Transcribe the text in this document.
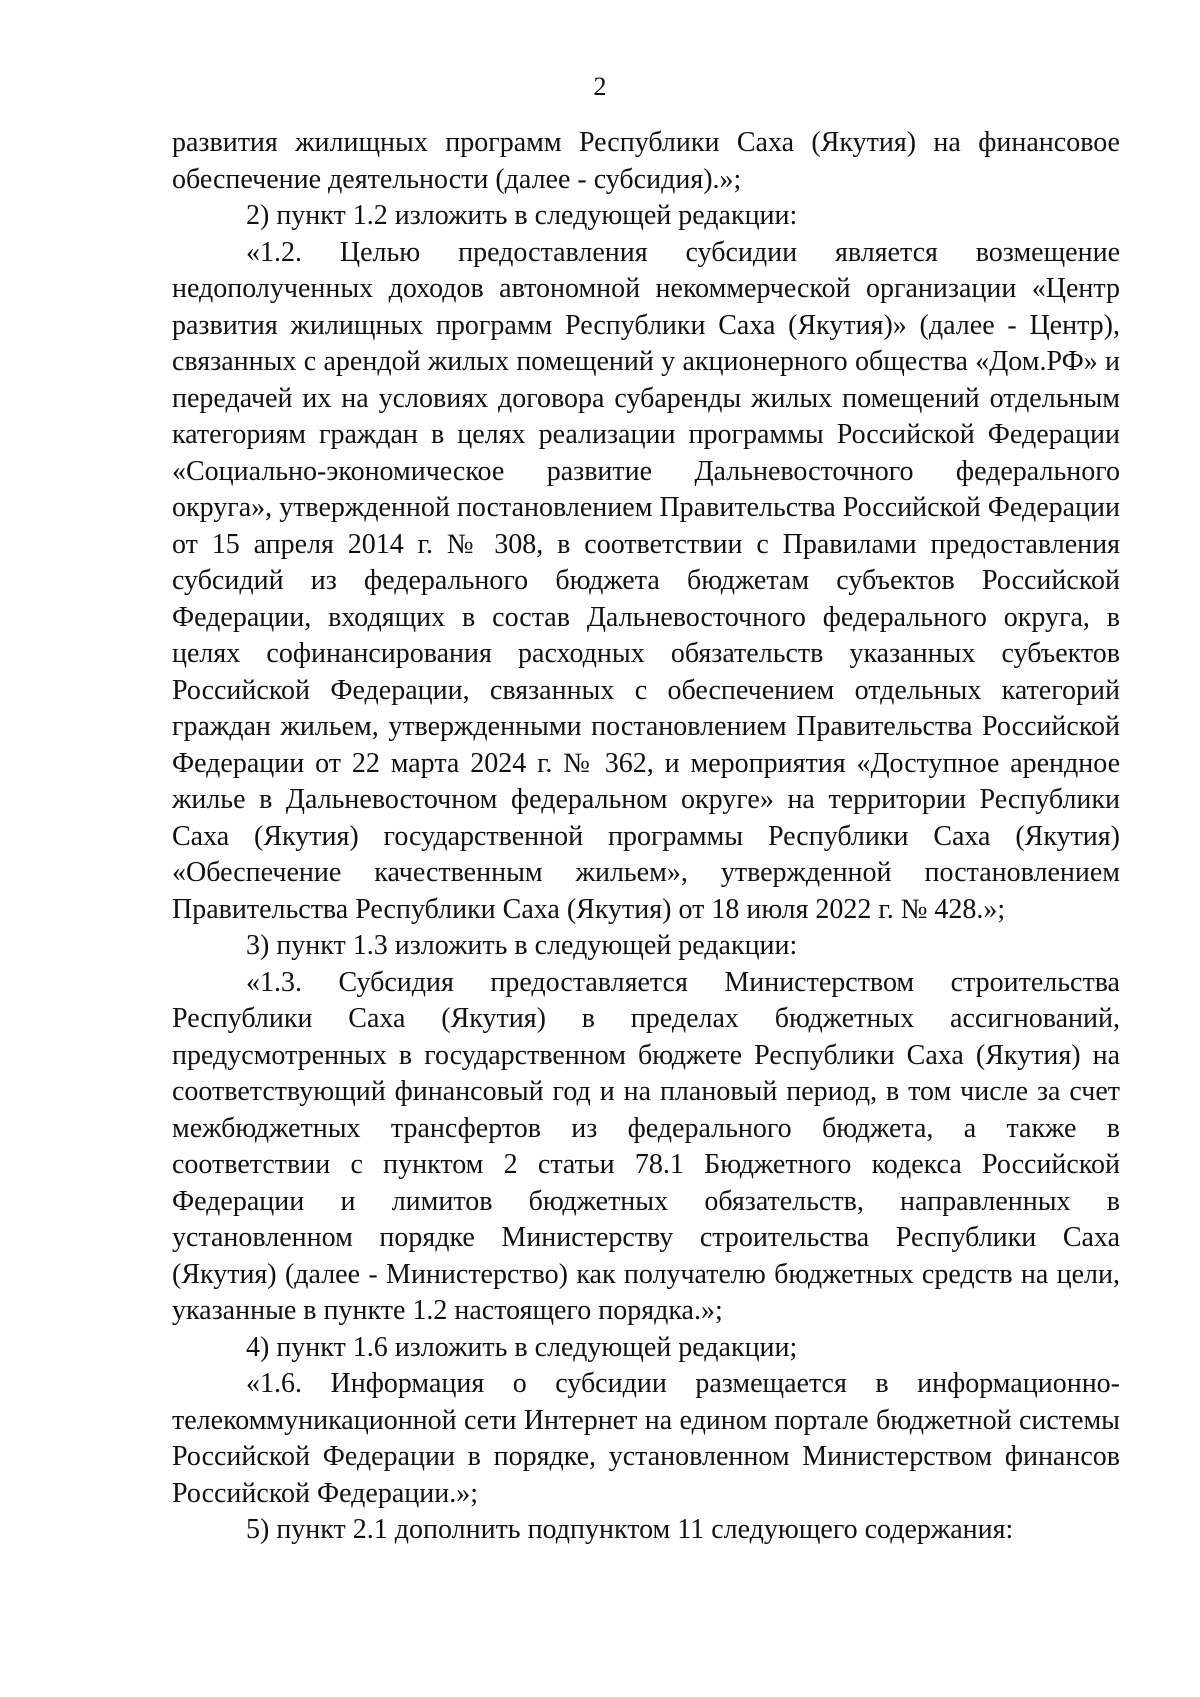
2

развития жилищных программ Республики Саха (Якутия) на финансовое обеспечение деятельности (далее - субсидия).»;

2) пункт 1.2 изложить в следующей редакции:

«1.2. Целью предоставления субсидии является возмещение недополученных доходов автономной некоммерческой организации «Центр развития жилищных программ Республики Саха (Якутия)» (далее - Центр), связанных с арендой жилых помещений у акционерного общества «Дом.РФ» и передачей их на условиях договора субаренды жилых помещений отдельным категориям граждан в целях реализации программы Российской Федерации «Социально-экономическое развитие Дальневосточного федерального округа», утвержденной постановлением Правительства Российской Федерации от 15 апреля 2014 г. № 308, в соответствии с Правилами предоставления субсидий из федерального бюджета бюджетам субъектов Российской Федерации, входящих в состав Дальневосточного федерального округа, в целях софинансирования расходных обязательств указанных субъектов Российской Федерации, связанных с обеспечением отдельных категорий граждан жильем, утвержденными постановлением Правительства Российской Федерации от 22 марта 2024 г. № 362, и мероприятия «Доступное арендное жилье в Дальневосточном федеральном округе» на территории Республики Саха (Якутия) государственной программы Республики Саха (Якутия) «Обеспечение качественным жильем», утвержденной постановлением Правительства Республики Саха (Якутия) от 18 июля 2022 г. № 428.»;

3) пункт 1.3 изложить в следующей редакции:

«1.3. Субсидия предоставляется Министерством строительства Республики Саха (Якутия) в пределах бюджетных ассигнований, предусмотренных в государственном бюджете Республики Саха (Якутия) на соответствующий финансовый год и на плановый период, в том числе за счет межбюджетных трансфертов из федерального бюджета, а также в соответствии с пунктом 2 статьи 78.1 Бюджетного кодекса Российской Федерации и лимитов бюджетных обязательств, направленных в установленном порядке Министерству строительства Республики Саха (Якутия) (далее - Министерство) как получателю бюджетных средств на цели, указанные в пункте 1.2 настоящего порядка.»;

4) пункт 1.6 изложить в следующей редакции;

«1.6. Информация о субсидии размещается в информационно-телекоммуникационной сети Интернет на едином портале бюджетной системы Российской Федерации в порядке, установленном Министерством финансов Российской Федерации.»;

5) пункт 2.1 дополнить подпунктом 11 следующего содержания:
